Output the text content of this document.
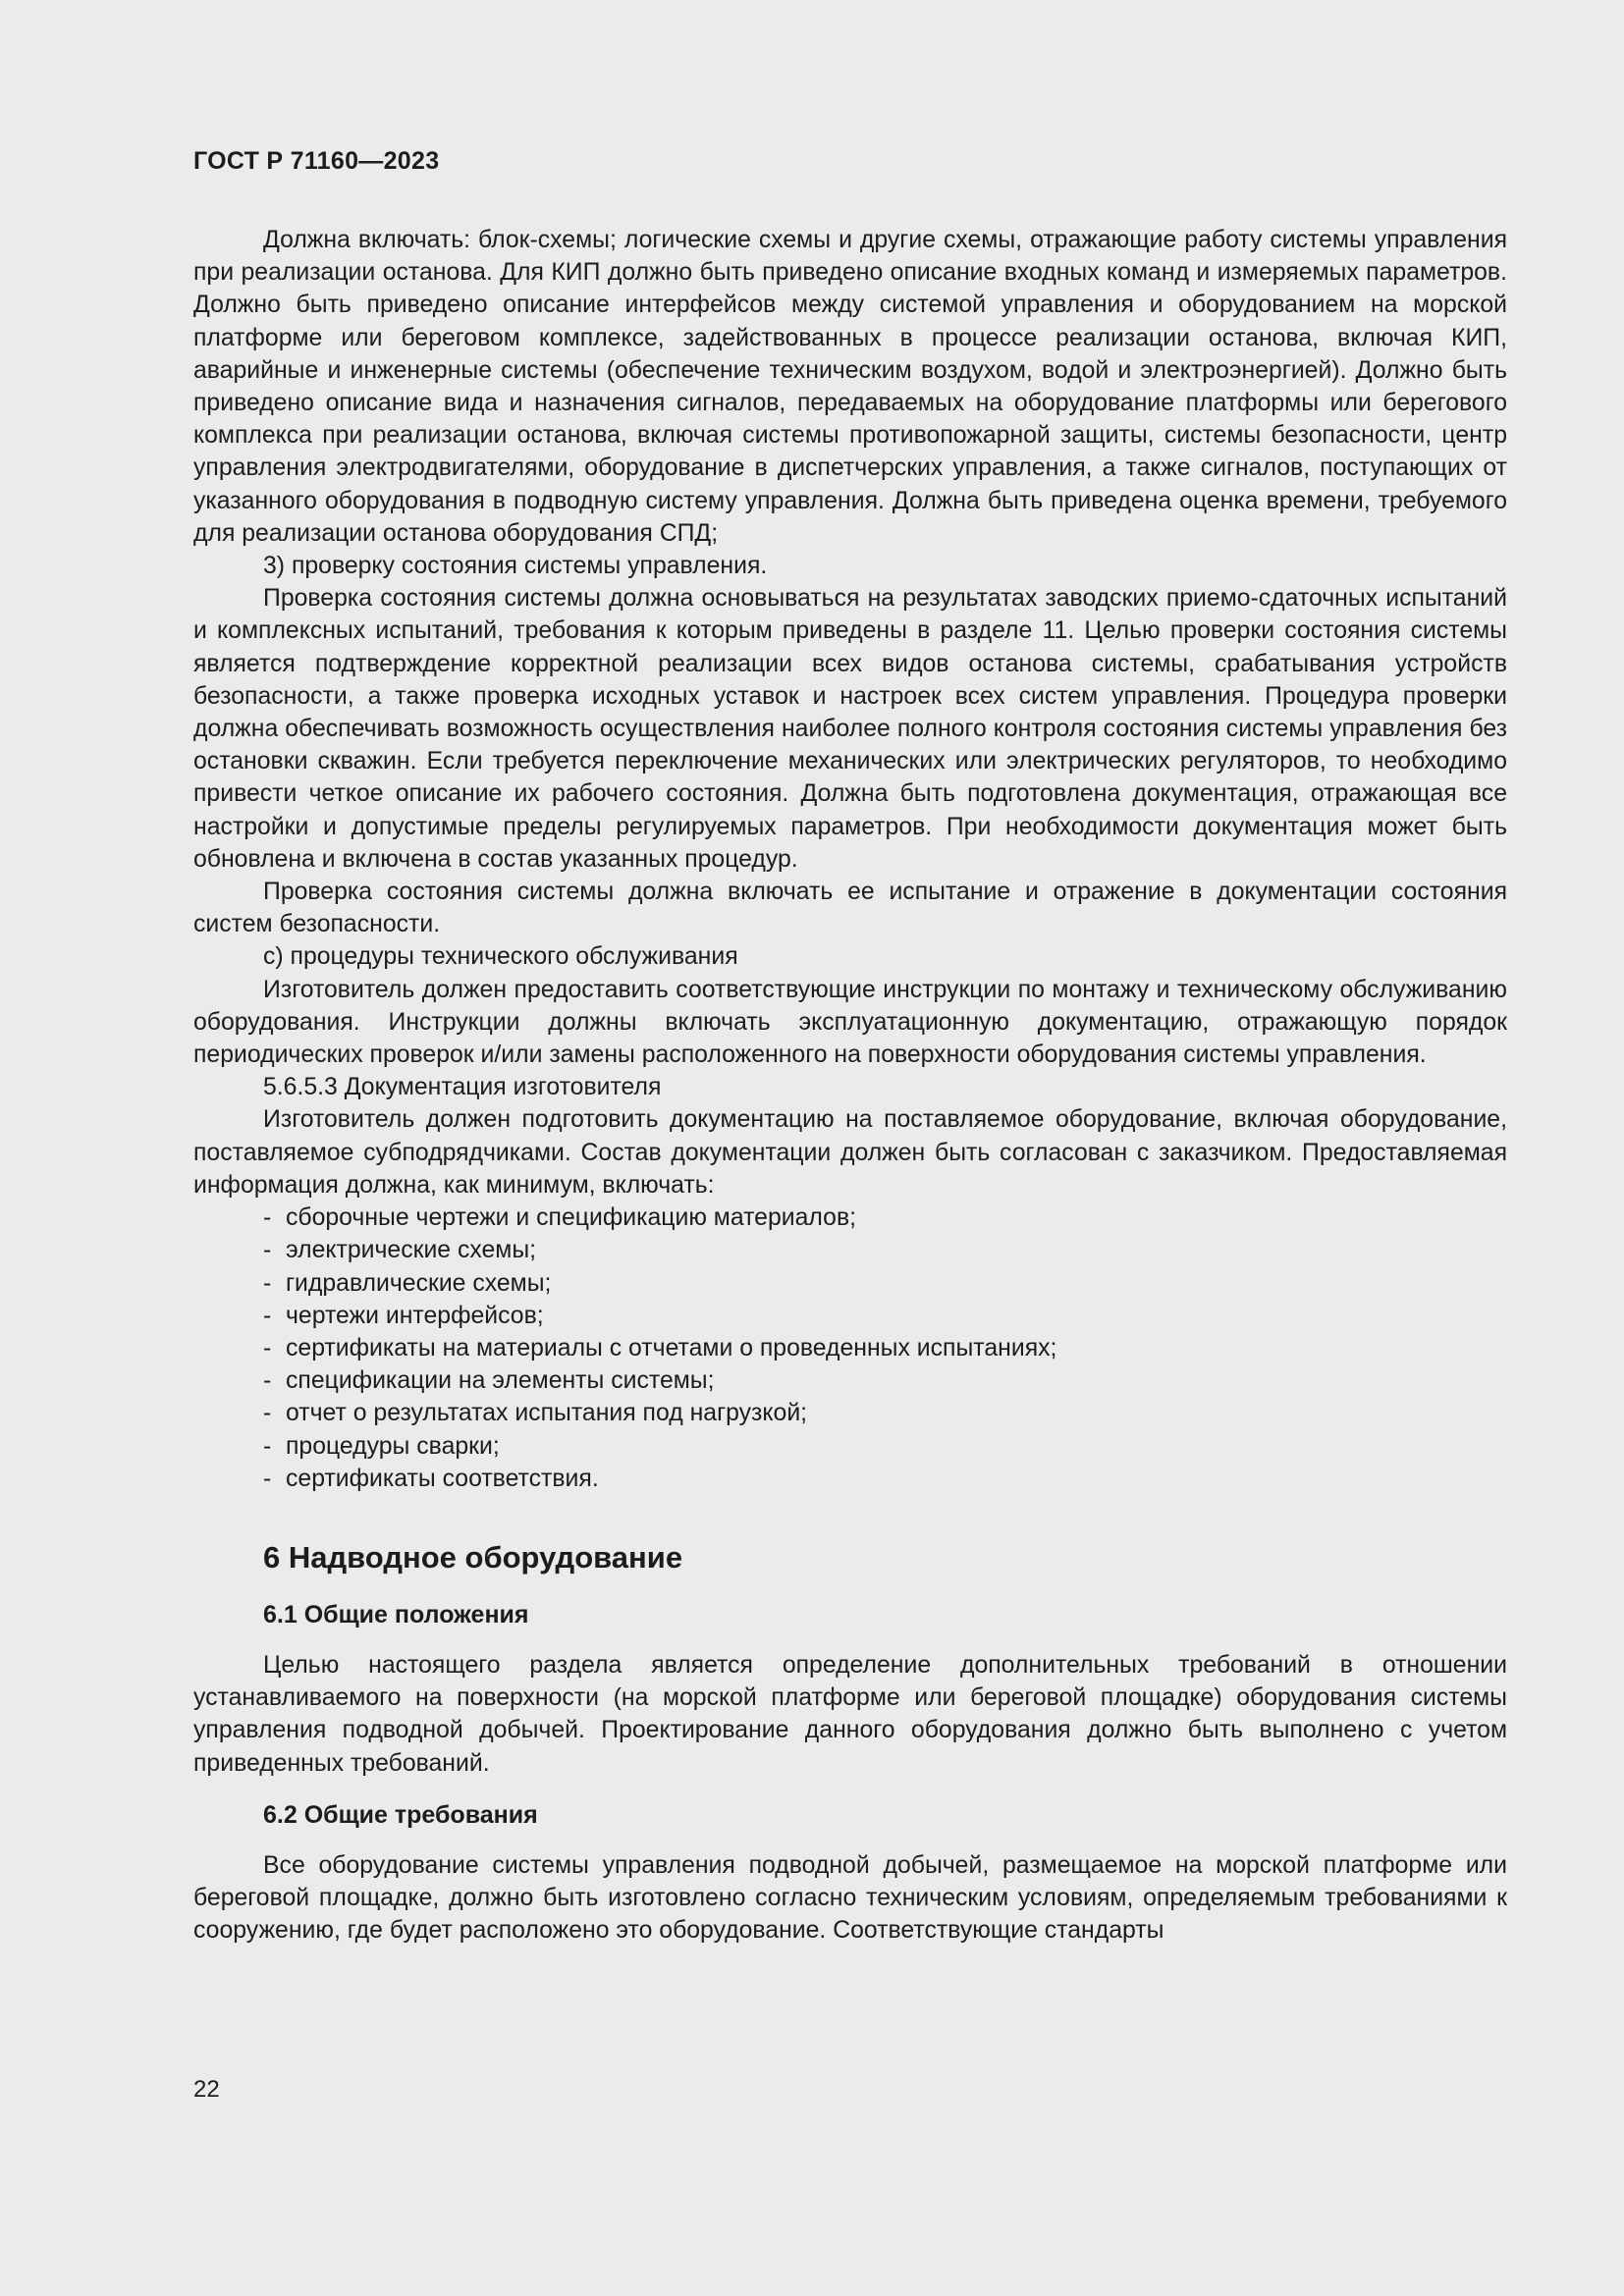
ГОСТ Р 71160—2023

Должна включать: блок-схемы; логические схемы и другие схемы, отражающие работу системы управления при реализации останова. Для КИП должно быть приведено описание входных команд и измеряемых параметров. Должно быть приведено описание интерфейсов между системой управления и оборудованием на морской платформе или береговом комплексе, задействованных в процессе реализации останова, включая КИП, аварийные и инженерные системы (обеспечение техническим воздухом, водой и электроэнергией). Должно быть приведено описание вида и назначения сигналов, передаваемых на оборудование платформы или берегового комплекса при реализации останова, включая системы противопожарной защиты, системы безопасности, центр управления электродвигателями, оборудование в диспетчерских управления, а также сигналов, поступающих от указанного оборудования в подводную систему управления. Должна быть приведена оценка времени, требуемого для реализации останова оборудования СПД;

3) проверку состояния системы управления.

Проверка состояния системы должна основываться на результатах заводских приемо-сдаточных испытаний и комплексных испытаний, требования к которым приведены в разделе 11. Целью проверки состояния системы является подтверждение корректной реализации всех видов останова системы, срабатывания устройств безопасности, а также проверка исходных уставок и настроек всех систем управления. Процедура проверки должна обеспечивать возможность осуществления наиболее полного контроля состояния системы управления без остановки скважин. Если требуется переключение механических или электрических регуляторов, то необходимо привести четкое описание их рабочего состояния. Должна быть подготовлена документация, отражающая все настройки и допустимые пределы регулируемых параметров. При необходимости документация может быть обновлена и включена в состав указанных процедур.

Проверка состояния системы должна включать ее испытание и отражение в документации состояния систем безопасности.

с) процедуры технического обслуживания

Изготовитель должен предоставить соответствующие инструкции по монтажу и техническому обслуживанию оборудования. Инструкции должны включать эксплуатационную документацию, отражающую порядок периодических проверок и/или замены расположенного на поверхности оборудования системы управления.

5.6.5.3 Документация изготовителя

Изготовитель должен подготовить документацию на поставляемое оборудование, включая оборудование, поставляемое субподрядчиками. Состав документации должен быть согласован с заказчиком. Предоставляемая информация должна, как минимум, включать:

- сборочные чертежи и спецификацию материалов;
- электрические схемы;
- гидравлические схемы;
- чертежи интерфейсов;
- сертификаты на материалы с отчетами о проведенных испытаниях;
- спецификации на элементы системы;
- отчет о результатах испытания под нагрузкой;
- процедуры сварки;
- сертификаты соответствия.
6 Надводное оборудование
6.1 Общие положения

Целью настоящего раздела является определение дополнительных требований в отношении устанавливаемого на поверхности (на морской платформе или береговой площадке) оборудования системы управления подводной добычей. Проектирование данного оборудования должно быть выполнено с учетом приведенных требований.

6.2 Общие требования

Все оборудование системы управления подводной добычей, размещаемое на морской платформе или береговой площадке, должно быть изготовлено согласно техническим условиям, определяемым требованиями к сооружению, где будет расположено это оборудование. Соответствующие стандарты

22
